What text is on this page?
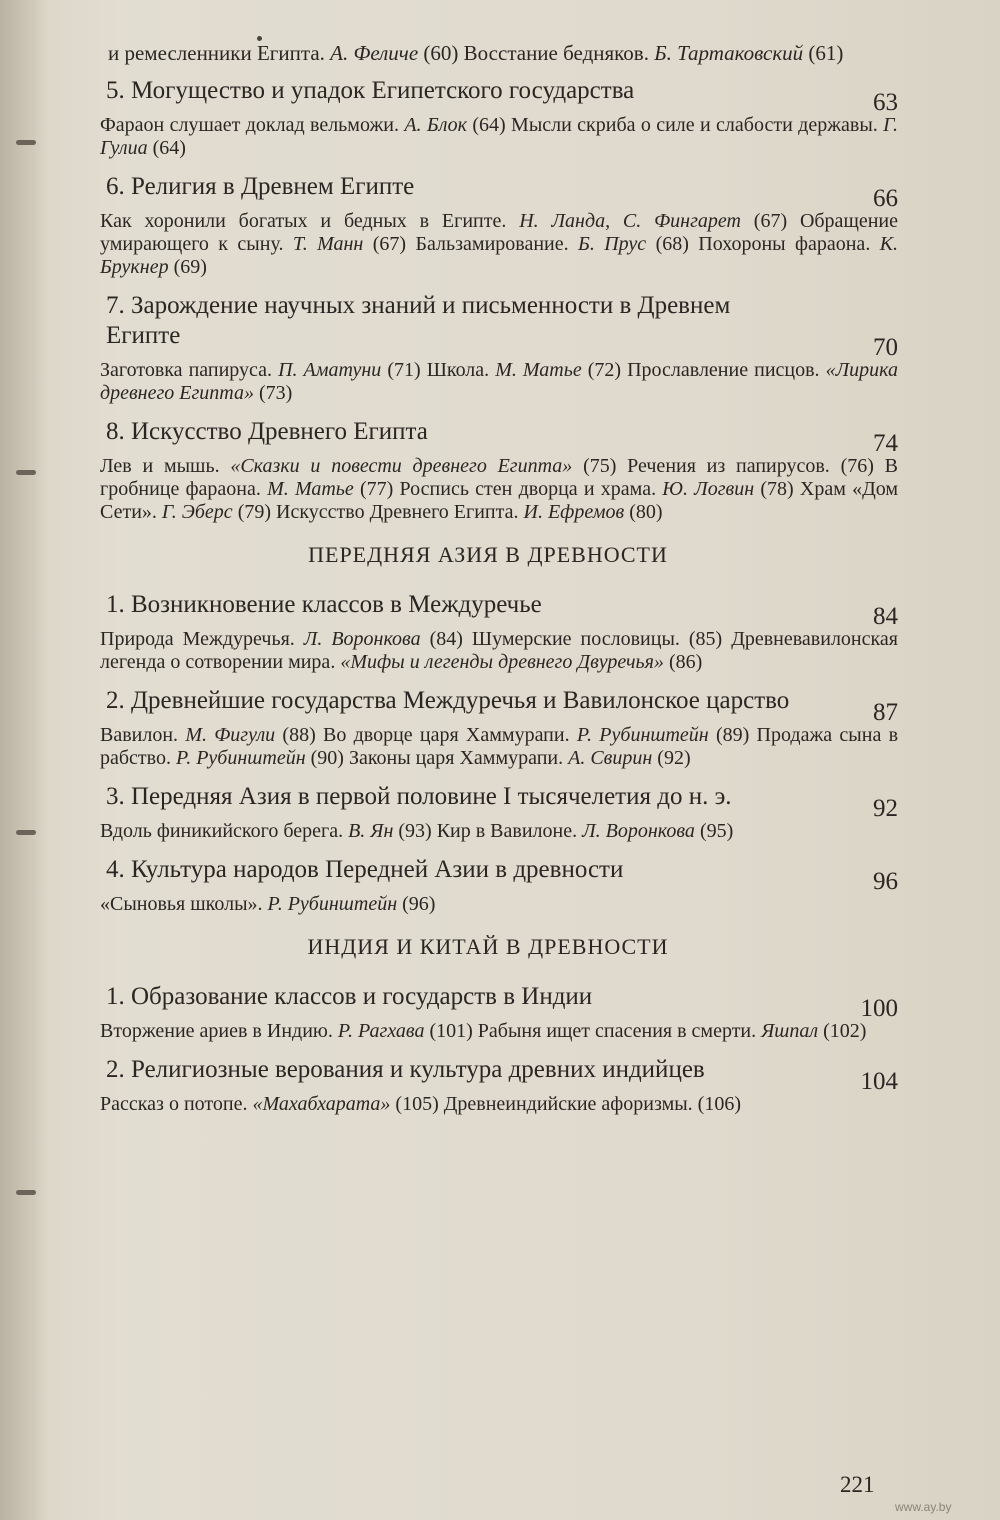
и ремесленники Египта. А. Феличе (60) Восстание бедняков. Б. Тартаковский (61)
5. Могущество и упадок Египетского государства	63
Фараон слушает доклад вельможи. А. Блок (64) Мысли скриба о силе и слабости державы. Г. Гулиа (64)
6. Религия в Древнем Египте	66
Как хоронили богатых и бедных в Египте. Н. Ланда, С. Фингарет (67) Обращение умирающего к сыну. Т. Манн (67) Бальзамирование. Б. Прус (68) Похороны фараона. К. Брукнер (69)
7. Зарождение научных знаний и письменности в Древнем Египте	70
Заготовка папируса. П. Аматуни (71) Школа. М. Матье (72) Прославление писцов. «Лирика древнего Египта» (73)
8. Искусство Древнего Египта	74
Лев и мышь. «Сказки и повести древнего Египта» (75) Речения из папирусов. (76) В гробнице фараона. М. Матье (77) Роспись стен дворца и храма. Ю. Логвин (78) Храм «Дом Сети». Г. Эберс (79) Искусство Древнего Египта. И. Ефремов (80)
ПЕРЕДНЯЯ АЗИЯ В ДРЕВНОСТИ
1. Возникновение классов в Междуречье	84
Природа Междуречья. Л. Воронкова (84) Шумерские пословицы. (85) Древневавилонская легенда о сотворении мира. «Мифы и легенды древнего Двуречья» (86)
2. Древнейшие государства Междуречья и Вавилонское царство	87
Вавилон. М. Фигули (88) Во дворце царя Хаммурапи. Р. Рубинштейн (89) Продажа сына в рабство. Р. Рубинштейн (90) Законы царя Хаммурапи. А. Свирин (92)
3. Передняя Азия в первой половине I тысячелетия до н. э.	92
Вдоль финикийского берега. В. Ян (93) Кир в Вавилоне. Л. Воронкова (95)
4. Культура народов Передней Азии в древности	96
«Сыновья школы». Р. Рубинштейн (96)
ИНДИЯ И КИТАЙ В ДРЕВНОСТИ
1. Образование классов и государств в Индии	100
Вторжение ариев в Индию. Р. Рагхава (101) Рабыня ищет спасения в смерти. Яшпал (102)
2. Религиозные верования и культура древних индийцев	104
Рассказ о потопе. «Махабхарата» (105) Древнеиндийские афоризмы. (106)
221
www.ay.by
